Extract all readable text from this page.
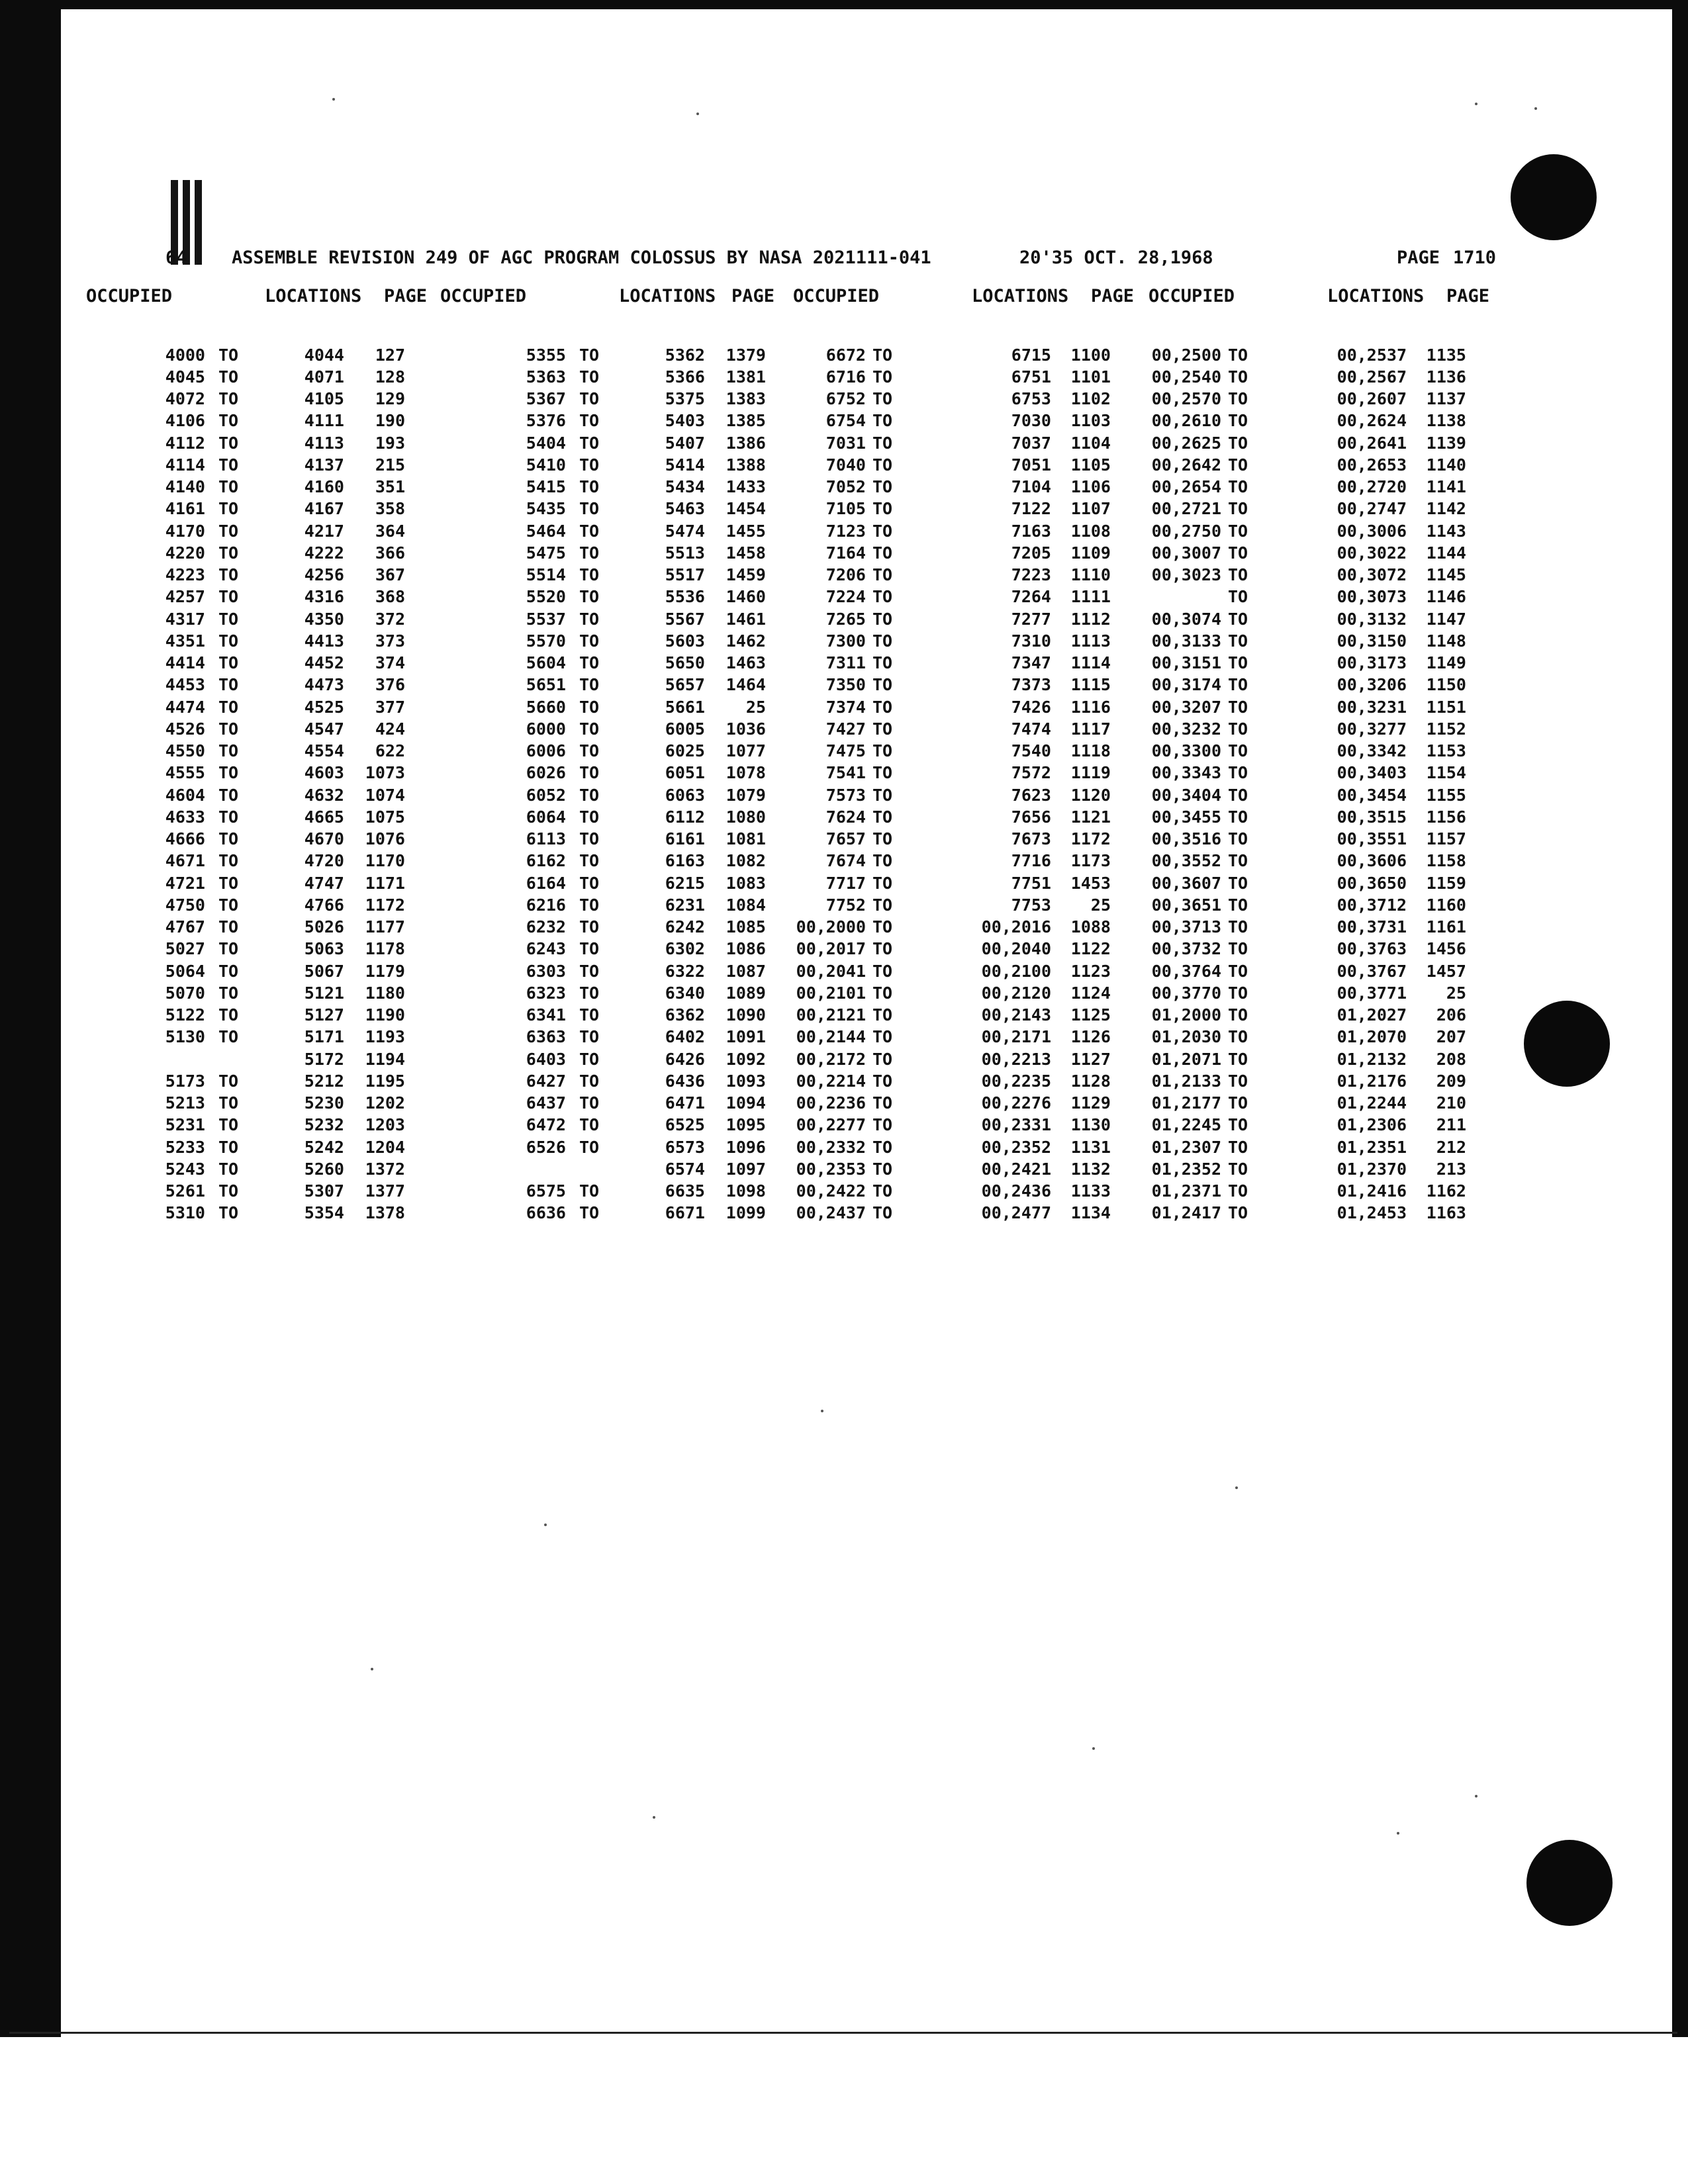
64 ASSEMBLE REVISION 249 OF AGC PROGRAM COLOSSUS BY NASA 2021111-041	20'35 OCT. 28,1968	PAGE 1710
OCCUPIED	LOCATIONS PAGE
4000 TO	4044	127
4045 TO	4071	128
4072 TO	4105	129
4106 TO	4111	190
4112 TO	4113	193
4114 TO	4137	215
4140 TO	4160	351
4161 TO	4167	358
4170 TO	4217	364
4220 TO	4222	366
4223 TO	4256	367
4257 TO	4316	368
4317 TO	4350	372
4351 TO	4413	373
4414 TO	4452	374
4453 TO	4473	376
4474 TO	4525	377
4526 TO	4547	424
4550 TO	4554	622
4555 TO	4603	1073
4604 TO	4632	1074
4633 TO	4665	1075
4666 TO	4670	1076
4671 TO	4720	1170
4721 TO	4747	1171
4750 TO	4766	1172
4767 TO	5026	1177
5027 TO	5063	1178
5064 TO	5067	1179
5070 TO	5121	1180
5122 TO	5127	1190
5130 TO	5171	1193
5172	1194
5173 TO	5212	1195
5213 TO	5230	1202
5231 TO	5232	1203
5233 TO	5242	1204
5243 TO	5260	1372
5261 TO	5307	1377
5310 TO	5354	1378
OCCUPIED	LOCATIONS PAGE
5355 TO	5362	1379
5363 TO	5366	1381
5367 TO	5375	1383
5376 TO	5403	1385
5404 TO	5407	1386
5410 TO	5414	1388
5415 TO	5434	1433
5435 TO	5463	1454
5464 TO	5474	1455
5475 TO	5513	1458
5514 TO	5517	1459
5520 TO	5536	1460
5537 TO	5567	1461
5570 TO	5603	1462
5604 TO	5650	1463
5651 TO	5657	1464
5660 TO	5661	25
6000 TO	6005	1036
6006 TO	6025	1077
6026 TO	6051	1078
6052 TO	6063	1079
6064 TO	6112	1080
6113 TO	6161	1081
6162 TO	6163	1082
6164 TO	6215	1083
6216 TO	6231	1084
6232 TO	6242	1085
6243 TO	6302	1086
6303 TO	6322	1087
6323 TO	6340	1089
6341 TO	6362	1090
6363 TO	6402	1091
6403 TO	6426	1092
6427 TO	6436	1093
6437 TO	6471	1094
6472 TO	6525	1095
6526 TO	6573	1096
6574	1097
6575 TO	6635	1098
6636 TO	6671	1099
OCCUPIED	LOCATIONS PAGE
6672 TO	6715	1100
6716 TO	6751	1101
6752 TO	6753	1102
6754 TO	7030	1103
7031 TO	7037	1104
7040 TO	7051	1105
7052 TO	7104	1106
7105 TO	7122	1107
7123 TO	7163	1108
7164 TO	7205	1109
7206 TO	7223	1110
7224 TO	7264	1111
7265 TO	7277	1112
7300 TO	7310	1113
7311 TO	7347	1114
7350 TO	7373	1115
7374 TO	7426	1116
7427 TO	7474	1117
7475 TO	7540	1118
7541 TO	7572	1119
7573 TO	7623	1120
7624 TO	7656	1121
7657 TO	7673	1172
7674 TO	7716	1173
7717 TO	7751	1453
7752 TO	7753	25
00,2000 TO	00,2016	1088
00,2017 TO	00,2040	1122
00,2041 TO	00,2100	1123
00,2101 TO	00,2120	1124
00,2121 TO	00,2143	1125
00,2144 TO	00,2171	1126
00,2172 TO	00,2213	1127
00,2214 TO	00,2235	1128
00,2236 TO	00,2276	1129
00,2277 TO	00,2331	1130
00,2332 TO	00,2352	1131
00,2353 TO	00,2421	1132
00,2422 TO	00,2436	1133
00,2437 TO	00,2477	1134
OCCUPIED	LOCATIONS PAGE
00,2500 TO	00,2537	1135
00,2540 TO	00,2567	1136
00,2570 TO	00,2607	1137
00,2610 TO	00,2624	1138
00,2625 TO	00,2641	1139
00,2642 TO	00,2653	1140
00,2654 TO	00,2720	1141
00,2721 TO	00,2747	1142
00,2750 TO	00,3006	1143
00,3007 TO	00,3022	1144
00,3023 TO	00,3072	1145
TO	00,3073	1146
00,3074 TO	00,3132	1147
00,3133 TO	00,3150	1148
00,3151 TO	00,3173	1149
00,3174 TO	00,3206	1150
00,3207 TO	00,3231	1151
00,3232 TO	00,3277	1152
00,3300 TO	00,3342	1153
00,3343 TO	00,3403	1154
00,3404 TO	00,3454	1155
00,3455 TO	00,3515	1156
00,3516 TO	00,3551	1157
00,3552 TO	00,3606	1158
00,3607 TO	00,3650	1159
00,3651 TO	00,3712	1160
00,3713 TO	00,3731	1161
00,3732 TO	00,3763	1456
00,3764 TO	00,3767	1457
00,3770 TO	00,3771	25
01,2000 TO	01,2027	206
01,2030 TO	01,2070	207
01,2071 TO	01,2132	208
01,2133 TO	01,2176	209
01,2177 TO	01,2244	210
01,2245 TO	01,2306	211
01,2307 TO	01,2351	212
01,2352 TO	01,2370	213
01,2371 TO	01,2416	1162
01,2417 TO	01,2453	1163
